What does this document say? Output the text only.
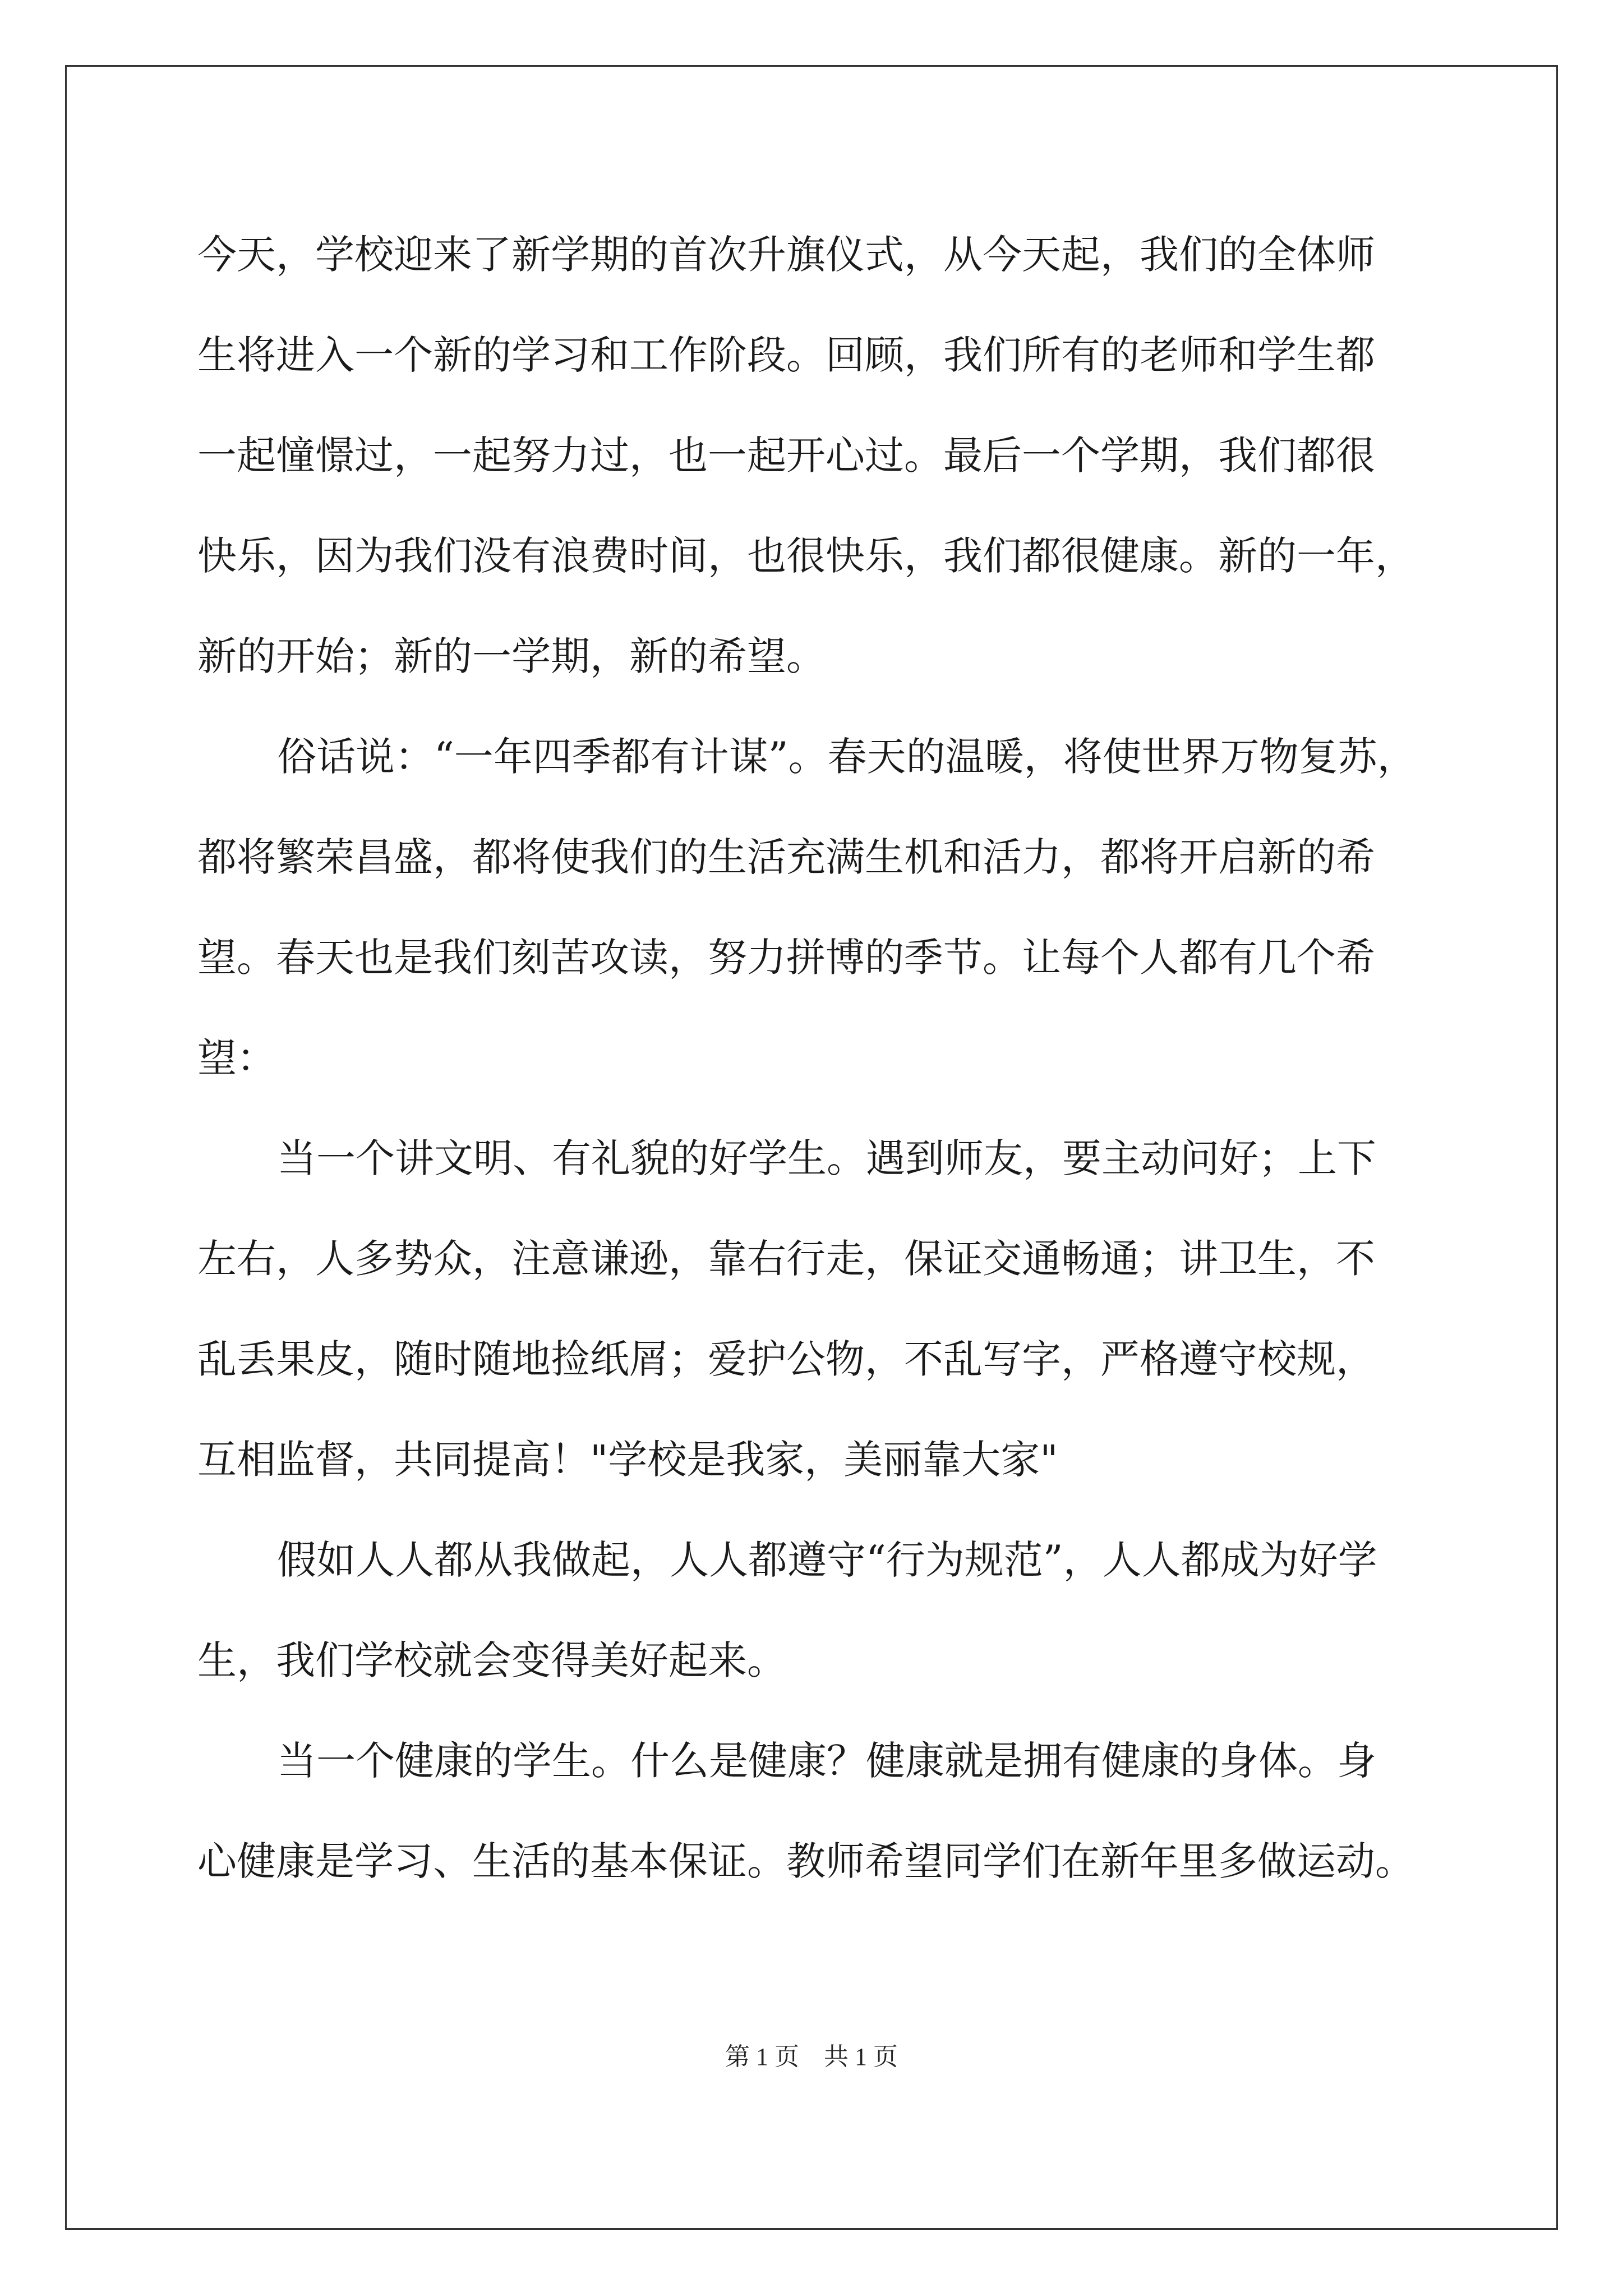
今天，学校迎来了新学期的首次升旗仪式，从今天起，我们的全体师

生将进入一个新的学习和工作阶段。回顾，我们所有的老师和学生都

一起憧憬过，一起努力过，也一起开心过。最后一个学期，我们都很

快乐，因为我们没有浪费时间，也很快乐，我们都很健康。新的一年，

新的开始；新的一学期，新的希望。

俗话说：“一年四季都有计谋”。春天的温暖，将使世界万物复苏，

都将繁荣昌盛，都将使我们的生活充满生机和活力，都将开启新的希

望。春天也是我们刻苦攻读，努力拼博的季节。让每个人都有几个希

望：

当一个讲文明、有礼貌的好学生。遇到师友，要主动问好；上下

左右，人多势众，注意谦逊，靠右行走，保证交通畅通；讲卫生，不

乱丢果皮，随时随地捡纸屑；爱护公物，不乱写字，严格遵守校规，

互相监督，共同提高！"学校是我家，美丽靠大家"

假如人人都从我做起，人人都遵守“行为规范”，人人都成为好学

生，我们学校就会变得美好起来。

当一个健康的学生。什么是健康？健康就是拥有健康的身体。身

心健康是学习、生活的基本保证。教师希望同学们在新年里多做运动。

第 1 页　共 1 页
